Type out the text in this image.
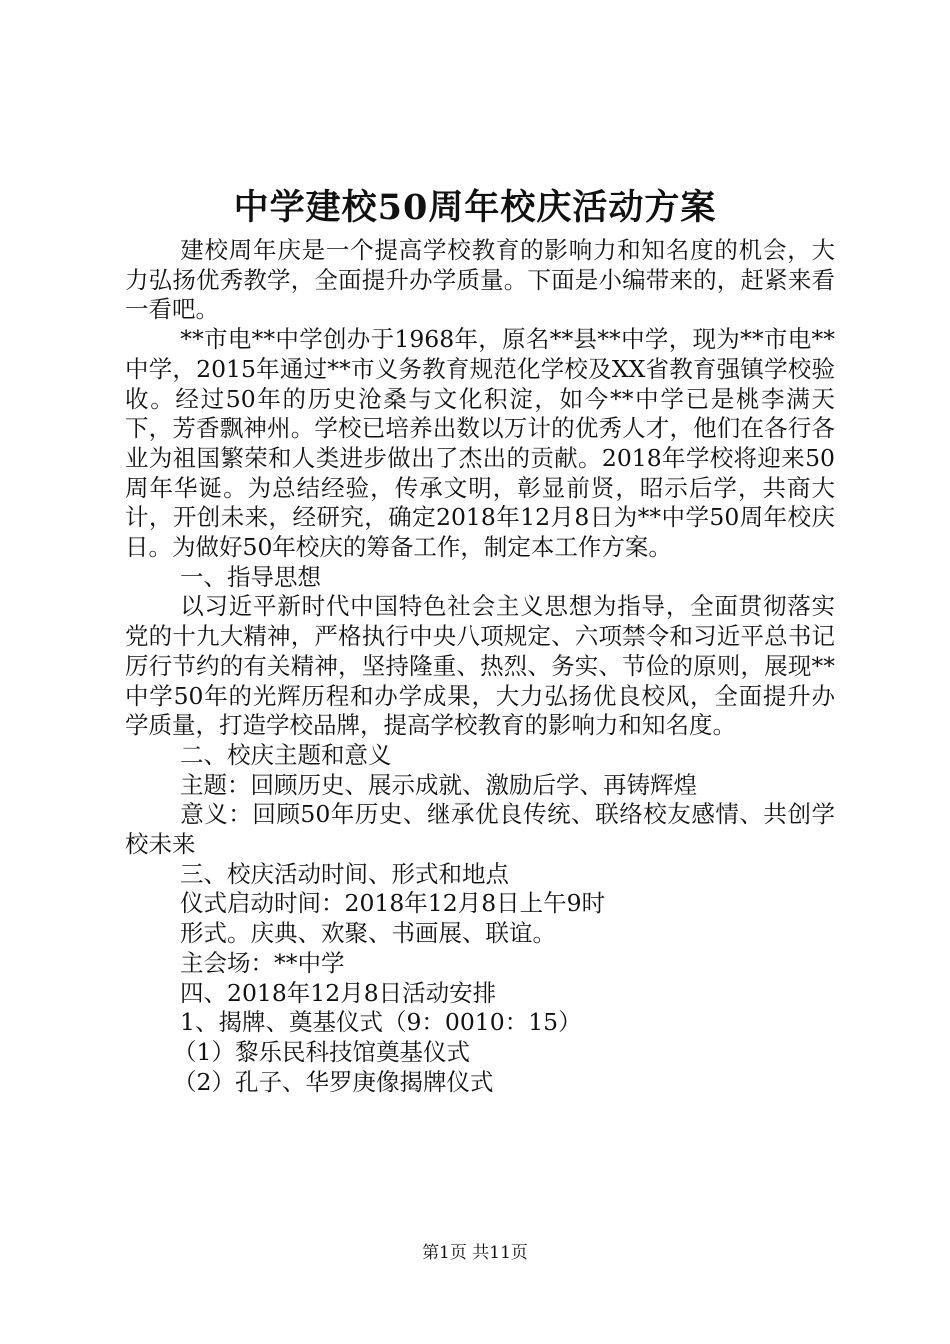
中学建校50周年校庆活动方案

建校周年庆是一个提高学校教育的影响力和知名度的机会，大力弘扬优秀教学，全面提升办学质量。下面是小编带来的，赶紧来看一看吧。

**市电**中学创办于1968年，原名**县**中学，现为**市电**中学，2015年通过**市义务教育规范化学校及XX省教育强镇学校验收。经过50年的历史沧桑与文化积淀，如今**中学已是桃李满天下，芳香飘神州。学校已培养出数以万计的优秀人才，他们在各行各业为祖国繁荣和人类进步做出了杰出的贡献。2018年学校将迎来50周年华诞。为总结经验，传承文明，彰显前贤，昭示后学，共商大计，开创未来，经研究，确定2018年12月8日为**中学50周年校庆日。为做好50年校庆的筹备工作，制定本工作方案。

一、指导思想

以习近平新时代中国特色社会主义思想为指导，全面贯彻落实党的十九大精神，严格执行中央八项规定、六项禁令和习近平总书记厉行节约的有关精神，坚持隆重、热烈、务实、节俭的原则，展现**中学50年的光辉历程和办学成果，大力弘扬优良校风，全面提升办学质量，打造学校品牌，提高学校教育的影响力和知名度。

二、校庆主题和意义

主题：回顾历史、展示成就、激励后学、再铸辉煌

意义：回顾50年历史、继承优良传统、联络校友感情、共创学校未来

三、校庆活动时间、形式和地点

仪式启动时间：2018年12月8日上午9时

形式。庆典、欢聚、书画展、联谊。

主会场：**中学

四、2018年12月8日活动安排

1、揭牌、奠基仪式（9：0010：15）

（1）黎乐民科技馆奠基仪式

（2）孔子、华罗庚像揭牌仪式

第1页 共11页
